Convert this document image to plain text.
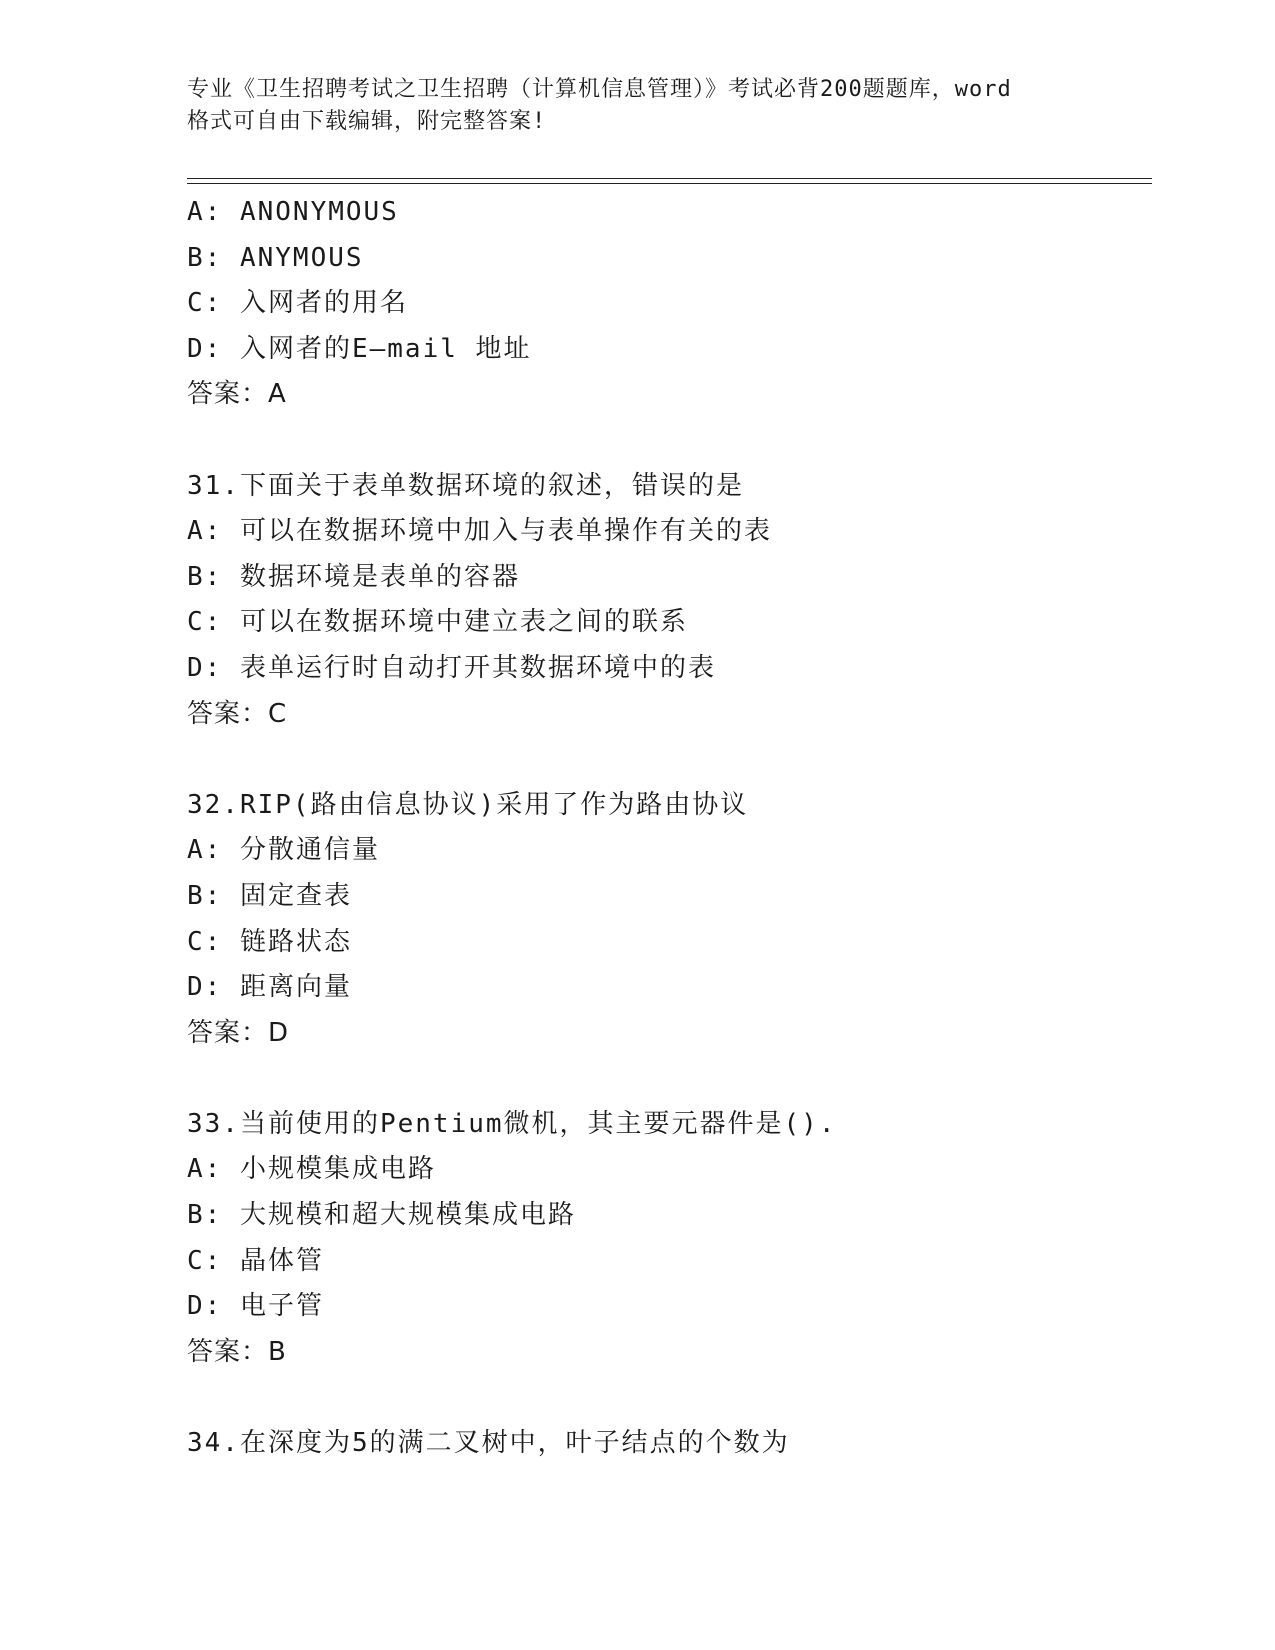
专业《卫生招聘考试之卫生招聘（计算机信息管理）》考试必背200题题库，word
格式可自由下载编辑，附完整答案!
A: ANONYMOUS
B: ANYMOUS
C: 入网者的用名
D: 入网者的E—mail 地址
答案：A
31.下面关于表单数据环境的叙述，错误的是
A: 可以在数据环境中加入与表单操作有关的表
B: 数据环境是表单的容器
C: 可以在数据环境中建立表之间的联系
D: 表单运行时自动打开其数据环境中的表
答案：C
32.RIP(路由信息协议)采用了作为路由协议
A: 分散通信量
B: 固定查表
C: 链路状态
D: 距离向量
答案：D
33.当前使用的Pentium微机，其主要元器件是().
A: 小规模集成电路
B: 大规模和超大规模集成电路
C: 晶体管
D: 电子管
答案：B
34.在深度为5的满二叉树中，叶子结点的个数为
